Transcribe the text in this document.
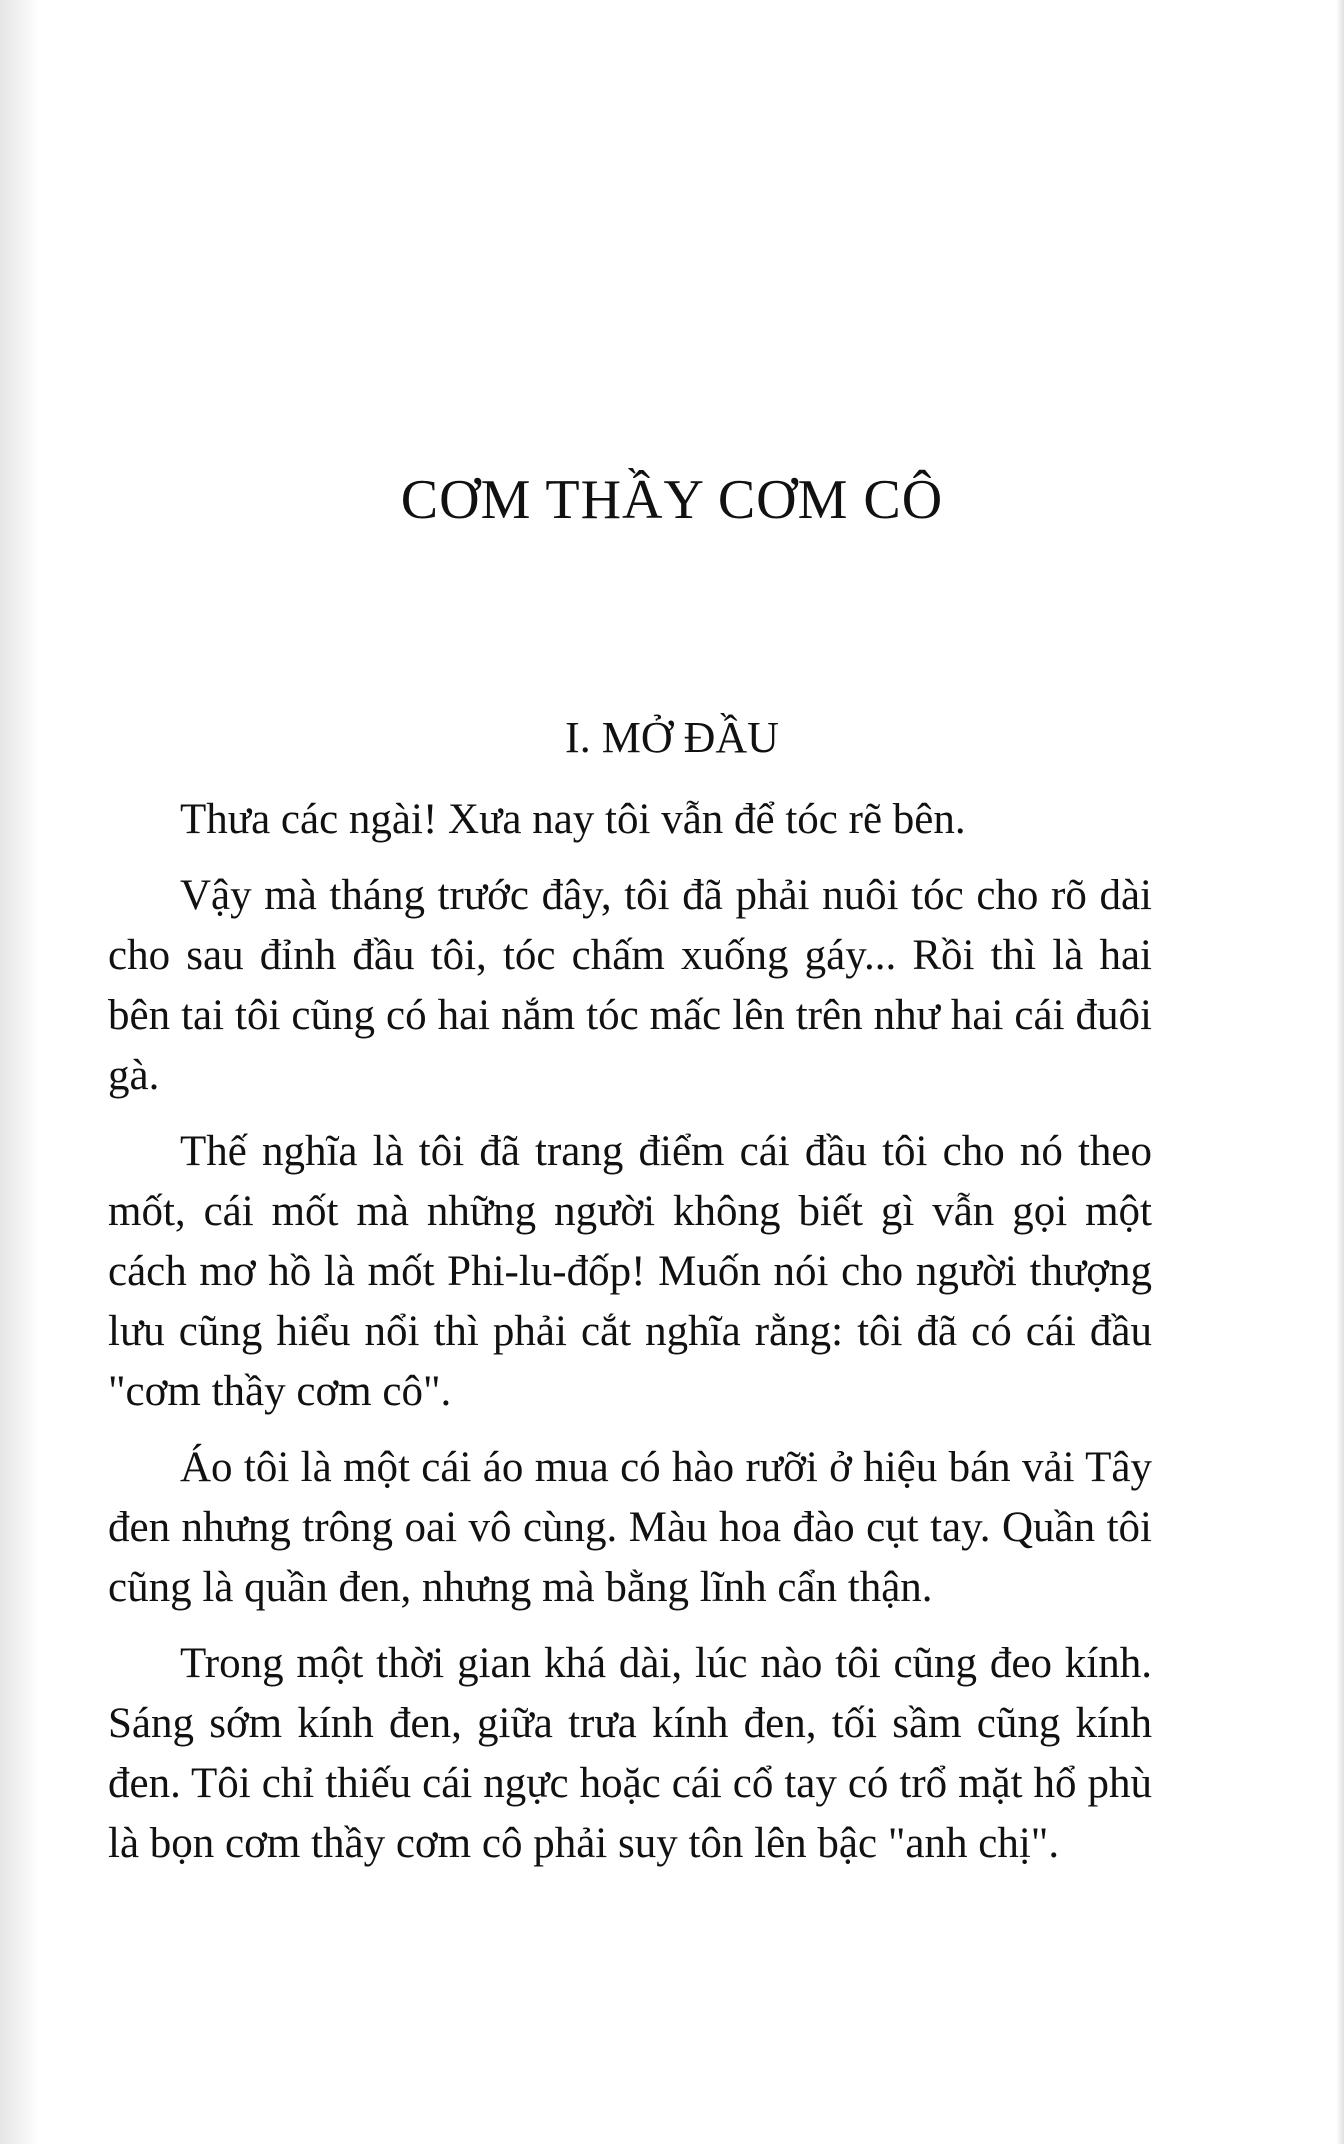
CƠM THẦY CƠM CÔ
I. MỞ ĐẦU

Thưa các ngài! Xưa nay tôi vẫn để tóc rẽ bên.

Vậy mà tháng trước đây, tôi đã phải nuôi tóc cho rõ dài cho sau đỉnh đầu tôi, tóc chấm xuống gáy... Rồi thì là hai bên tai tôi cũng có hai nắm tóc mấc lên trên như hai cái đuôi gà.

Thế nghĩa là tôi đã trang điểm cái đầu tôi cho nó theo mốt, cái mốt mà những người không biết gì vẫn gọi một cách mơ hồ là mốt Phi-lu-đốp! Muốn nói cho người thượng lưu cũng hiểu nổi thì phải cắt nghĩa rằng: tôi đã có cái đầu "cơm thầy cơm cô".

Áo tôi là một cái áo mua có hào rưỡi ở hiệu bán vải Tây đen nhưng trông oai vô cùng. Màu hoa đào cụt tay. Quần tôi cũng là quần đen, nhưng mà bằng lĩnh cẩn thận.

Trong một thời gian khá dài, lúc nào tôi cũng đeo kính. Sáng sớm kính đen, giữa trưa kính đen, tối sầm cũng kính đen. Tôi chỉ thiếu cái ngực hoặc cái cổ tay có trổ mặt hổ phù là bọn cơm thầy cơm cô phải suy tôn lên bậc "anh chị".
